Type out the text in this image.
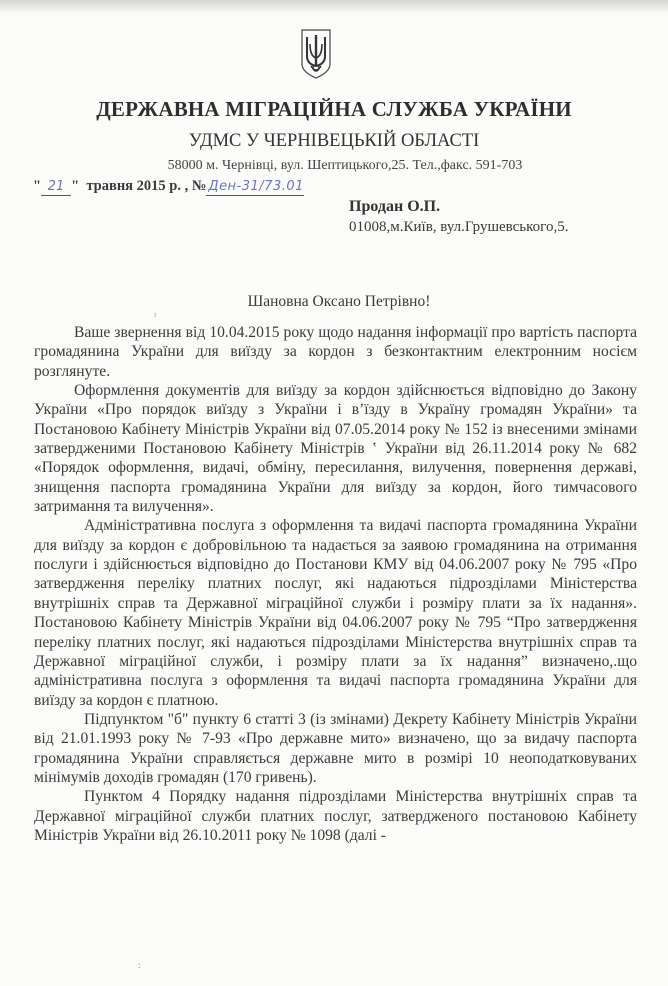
ДЕРЖАВНА МІГРАЦІЙНА СЛУЖБА УКРАЇНИ
УДМС У ЧЕРНІВЕЦЬКІЙ ОБЛАСТІ
58000 м. Чернівці, вул. Шептицького,25. Тел.,факс. 591-703
" 21 "  травня 2015 р. , № Ден-31/73.01
Продан О.П.
01008,м.Київ, вул.Грушевського,5.
Шановна Оксано Петрівно!

Ваше звернення від 10.04.2015 року щодо надання інформації про вартість паспорта громадянина України для виїзду за кордон з безконтактним електронним носієм розглянуте.

Оформлення документів для виїзду за кордон здійснюється відповідно до Закону України «Про порядок виїзду з України і в’їзду в Україну громадян України» та Постановою Кабінету Міністрів України від 07.05.2014 року № 152 із внесеними змінами затвердженими Постановою Кабінету Міністрів ʽ України від 26.11.2014 року № 682 «Порядок оформлення, видачі, обміну, пересилання, вилучення, повернення державі, знищення паспорта громадянина України для виїзду за кордон, його тимчасового затримання та вилучення».

Адміністративна послуга з оформлення та видачі паспорта громадянина України для виїзду за кордон є добровільною та надається за заявою громадянина на отримання послуги і здійснюється відповідно до Постанови КМУ від 04.06.2007 року № 795 «Про затвердження переліку платних послуг, які надаються підрозділами Міністерства внутрішніх справ та Державної міграційної служби і розміру плати за їх надання». Постановою Кабінету Міністрів України від 04.06.2007 року № 795 “Про затвердження переліку платних послуг, які надаються підрозділами Міністерства внутрішніх справ та Державної міграційної служби, і розміру плати за їх надання” визначено,.що адміністративна послуга з оформлення та видачі паспорта громадянина України для виїзду за кордон є платною.

Підпунктом "б" пункту 6 статті 3 (із змінами) Декрету Кабінету Міністрів України від 21.01.1993 року № 7-93 «Про державне мито» визначено, що за видачу паспорта громадянина України справляється державне мито в розмірі 10 неоподатковуваних мінімумів доходів громадян (170 гривень).

Пунктом 4 Порядку надання підрозділами Міністерства внутрішніх справ та Державної міграційної служби платних послуг, затвердженого постановою Кабінету Міністрів України від 26.10.2011 року № 1098 (далі -

ˀ
:
